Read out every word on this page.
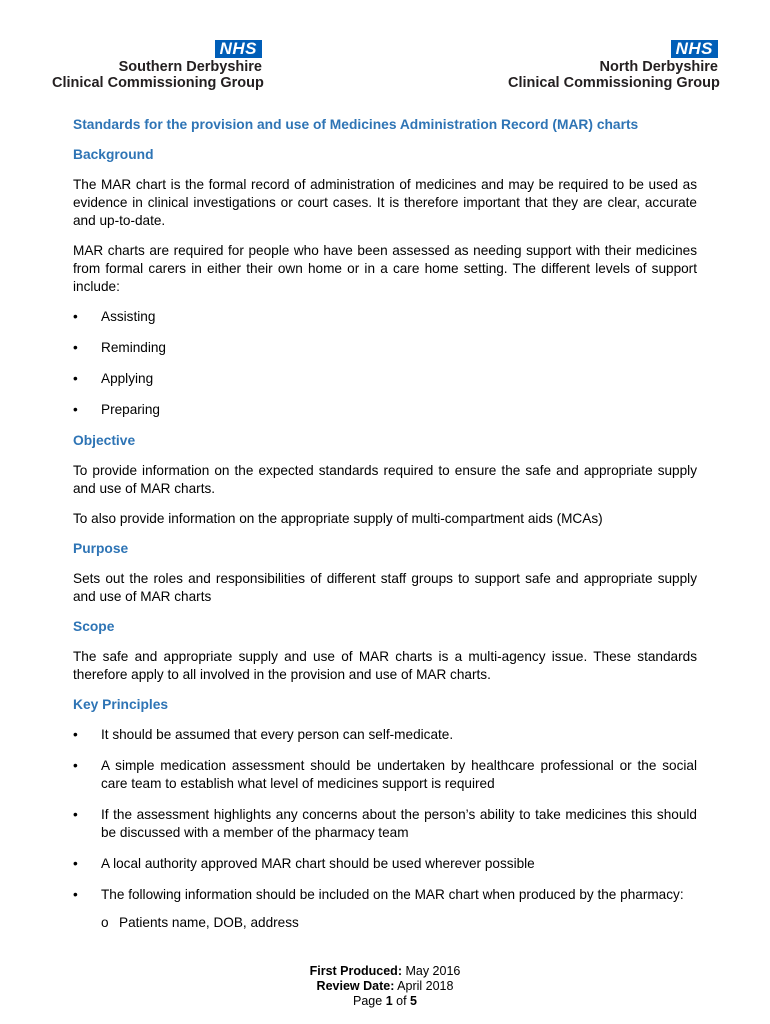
NHS
Southern Derbyshire
Clinical Commissioning Group
NHS
North Derbyshire
Clinical Commissioning Group
Standards for the provision and use of Medicines Administration Record (MAR) charts
Background

The MAR chart is the formal record of administration of medicines and may be required to be used as evidence in clinical investigations or court cases. It is therefore important that they are clear, accurate and up-to-date.

MAR charts are required for people who have been assessed as needing support with their medicines from formal carers in either their own home or in a care home setting. The different levels of support include:

• Assisting
• Reminding
• Applying
• Preparing
Objective

To provide information on the expected standards required to ensure the safe and appropriate supply and use of MAR charts.

To also provide information on the appropriate supply of multi-compartment aids (MCAs)

Purpose

Sets out the roles and responsibilities of different staff groups to support safe and appropriate supply and use of MAR charts

Scope

The safe and appropriate supply and use of MAR charts is a multi-agency issue. These standards therefore apply to all involved in the provision and use of MAR charts.

Key Principles
• It should be assumed that every person can self-medicate.
• A simple medication assessment should be undertaken by healthcare professional or the social care team to establish what level of medicines support is required
• If the assessment highlights any concerns about the person’s ability to take medicines this should be discussed with a member of the pharmacy team
• A local authority approved MAR chart should be used wherever possible
• The following information should be included on the MAR chart when produced by the pharmacy:
o Patients name, DOB, address
First Produced: May 2016
Review Date: April 2018
Page 1 of 5
